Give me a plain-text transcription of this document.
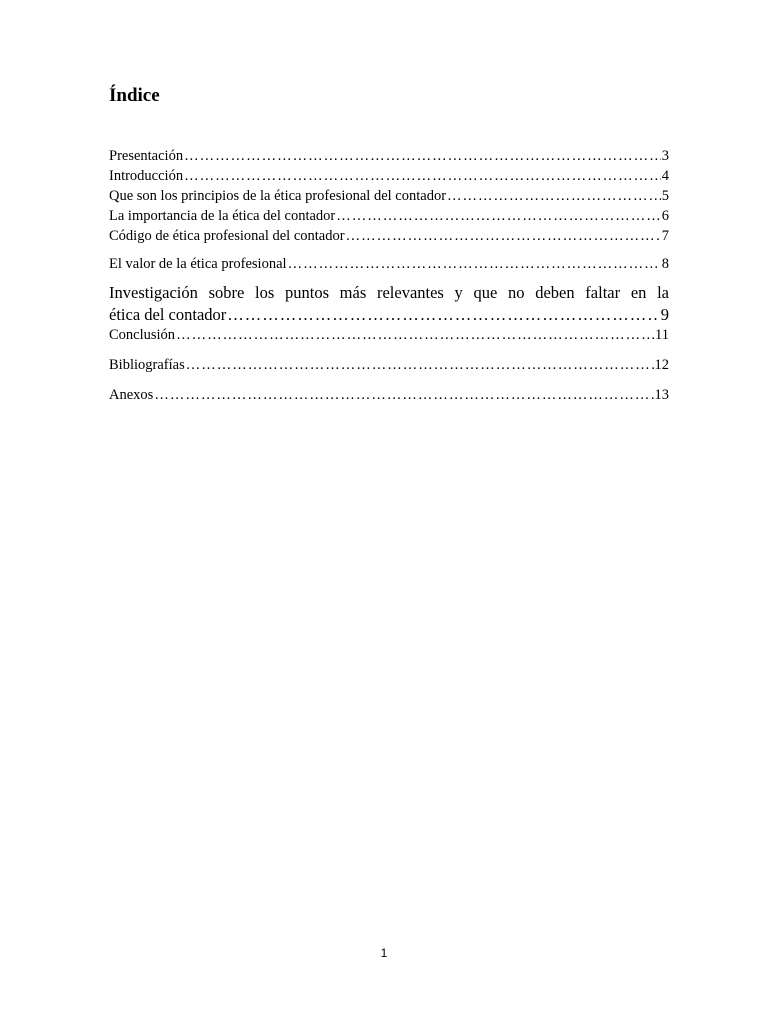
Índice
Presentación …………………………………………………………………………………………………………………………………………………………………………	3
Introducción …………………………………………………………………………………………………………………………………………………………………………	4
Que son los principios de la ética profesional del contador …………………………………………………………………………………………………………………………………………………………………………	5
La importancia de la ética del contador …………………………………………………………………………………………………………………………………………………………………………	6
Código de ética profesional del contador …………………………………………………………………………………………………………………………………………………………………………	7
El valor de la ética profesional …………………………………………………………………………………………………………………………………………………………………………	8
Investigación sobre los puntos más relevantes y que no deben faltar en la
ética del contador …………………………………………………………………………………………………………………………………………………………………………	9
Conclusión …………………………………………………………………………………………………………………………………………………………………………	11
Bibliografías …………………………………………………………………………………………………………………………………………………………………………	12
Anexos …………………………………………………………………………………………………………………………………………………………………………	13
1
